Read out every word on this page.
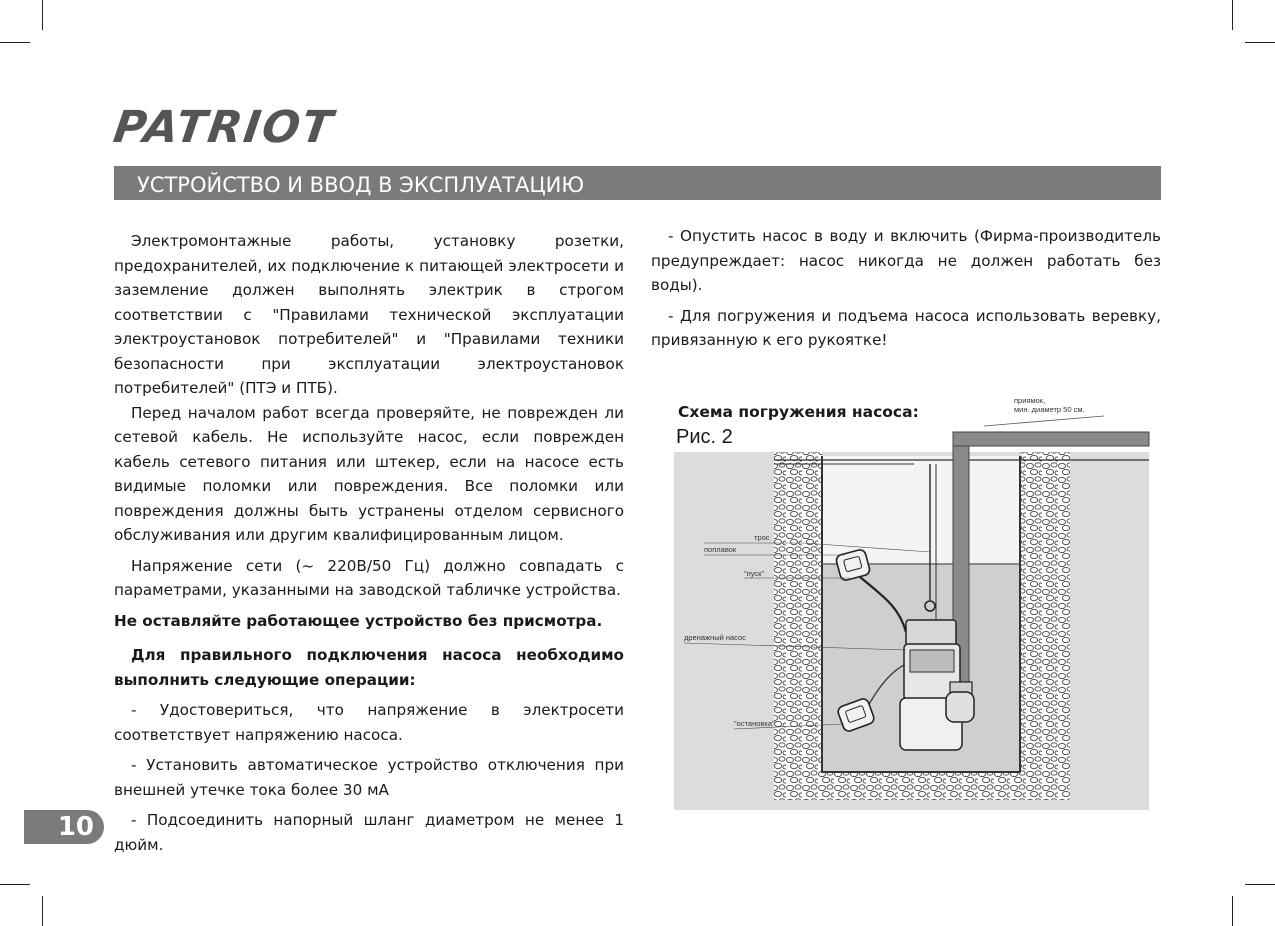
PATRIOT
УСТРОЙСТВО И ВВОД В ЭКСПЛУАТАЦИЮ

Электромонтажные работы, установку розетки, предохранителей, их подключение к питающей электросети и заземление должен выполнять электрик в строгом соответствии с "Правилами технической эксплуатации электроустановок потребителей" и "Правилами техники безопасности при эксплуатации электроустановок потребителей" (ПТЭ и ПТБ).

Перед началом работ всегда проверяйте, не поврежден ли сетевой кабель. Не используйте насос, если поврежден кабель сетевого питания или штекер, если на насосе есть видимые поломки или повреждения. Все поломки или повреждения должны быть устранены отделом сервисного обслуживания или другим квалифицированным лицом.

Напряжение сети (~ 220В/50 Гц) должно совпадать с параметрами, указанными на заводской табличке устройства.

Не оставляйте работающее устройство без присмотра.

Для правильного подключения насоса необходимо выполнить следующие операции:

- Удостовериться, что напряжение в электросети соответствует напряжению насоса.

- Установить автоматическое устройство отключения при внешней утечке тока более 30 мА

- Подсоединить напорный шланг диаметром не менее 1 дюйм.

- Опустить насос в воду и включить (Фирма-производитель предупреждает: насос никогда не должен работать без воды).

- Для погружения и подъема насоса использовать веревку, привязанную к его рукоятке!

приямок,
мин. диаметр 50 см.
трос
поплавок
"пуск"
дренажный насос
"остановка"
Схема погружения насоса:
Рис. 2
10
